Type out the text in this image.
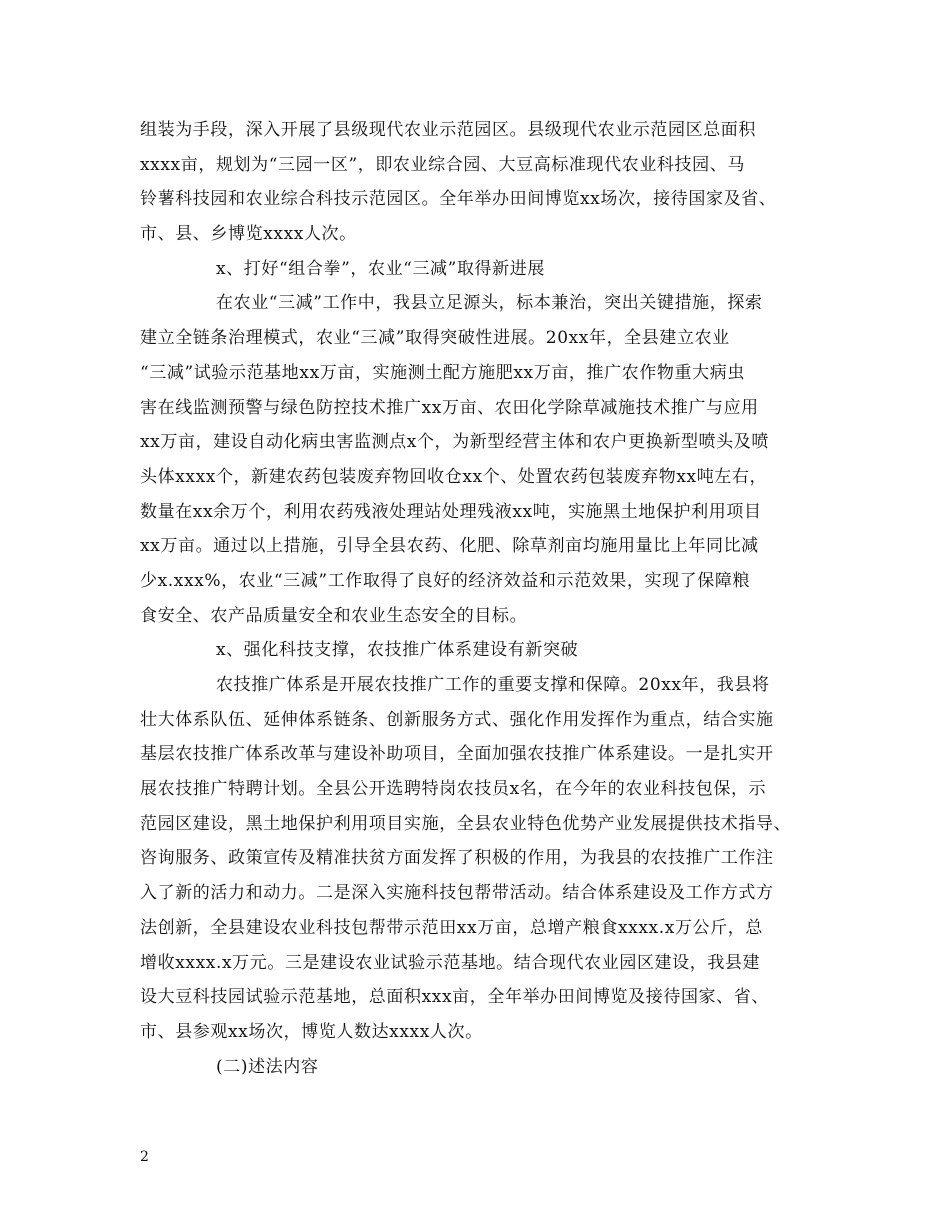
组装为手段，深入开展了县级现代农业示范园区。县级现代农业示范园区总面积
xxxx亩，规划为“三园一区”，即农业综合园、大豆高标准现代农业科技园、马
铃薯科技园和农业综合科技示范园区。全年举办田间博览xx场次，接待国家及省、
市、县、乡博览xxxx人次。
x、打好“组合拳”，农业“三减”取得新进展
在农业“三减”工作中，我县立足源头，标本兼治，突出关键措施，探索
建立全链条治理模式，农业“三减”取得突破性进展。20xx年，全县建立农业
“三减”试验示范基地xx万亩，实施测土配方施肥xx万亩，推广农作物重大病虫
害在线监测预警与绿色防控技术推广xx万亩、农田化学除草减施技术推广与应用
xx万亩，建设自动化病虫害监测点x个，为新型经营主体和农户更换新型喷头及喷
头体xxxx个，新建农药包装废弃物回收仓xx个、处置农药包装废弃物xx吨左右，
数量在xx余万个，利用农药残液处理站处理残液xx吨，实施黑土地保护利用项目
xx万亩。通过以上措施，引导全县农药、化肥、除草剂亩均施用量比上年同比减
少x.xxx%，农业“三减”工作取得了良好的经济效益和示范效果，实现了保障粮
食安全、农产品质量安全和农业生态安全的目标。
x、强化科技支撑，农技推广体系建设有新突破
农技推广体系是开展农技推广工作的重要支撑和保障。20xx年，我县将
壮大体系队伍、延伸体系链条、创新服务方式、强化作用发挥作为重点，结合实施
基层农技推广体系改革与建设补助项目，全面加强农技推广体系建设。一是扎实开
展农技推广特聘计划。全县公开选聘特岗农技员x名，在今年的农业科技包保，示
范园区建设，黑土地保护利用项目实施，全县农业特色优势产业发展提供技术指导、
咨询服务、政策宣传及精准扶贫方面发挥了积极的作用，为我县的农技推广工作注
入了新的活力和动力。二是深入实施科技包帮带活动。结合体系建设及工作方式方
法创新，全县建设农业科技包帮带示范田xx万亩，总增产粮食xxxx.x万公斤，总
增收xxxx.x万元。三是建设农业试验示范基地。结合现代农业园区建设，我县建
设大豆科技园试验示范基地，总面积xxx亩，全年举办田间博览及接待国家、省、
市、县参观xx场次，博览人数达xxxx人次。
(二)述法内容
2
